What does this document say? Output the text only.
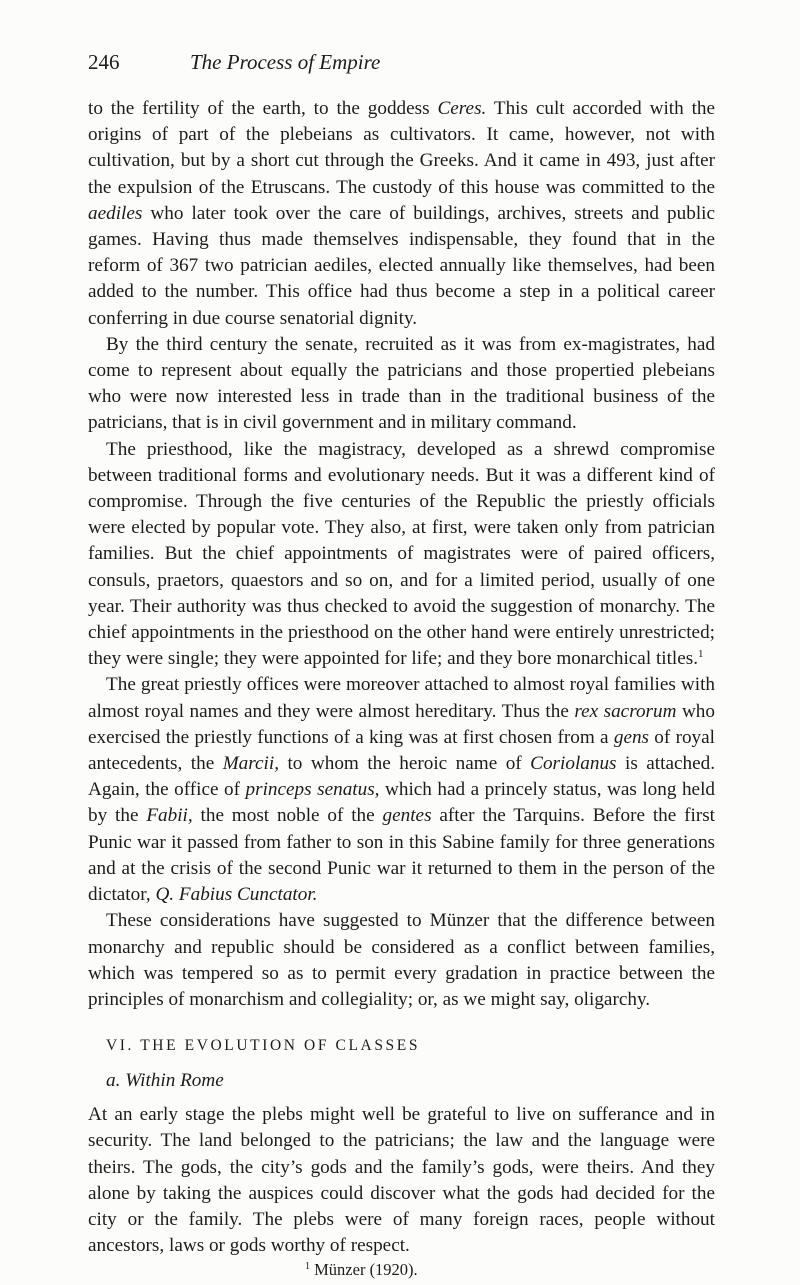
246	The Process of Empire

to the fertility of the earth, to the goddess Ceres. This cult accorded with the origins of part of the plebeians as cultivators. It came, however, not with cultivation, but by a short cut through the Greeks. And it came in 493, just after the expulsion of the Etruscans. The custody of this house was committed to the aediles who later took over the care of buildings, archives, streets and public games. Having thus made themselves indispensable, they found that in the reform of 367 two patrician aediles, elected annually like themselves, had been added to the number. This office had thus become a step in a political career conferring in due course senatorial dignity.

By the third century the senate, recruited as it was from ex-magistrates, had come to represent about equally the patricians and those propertied plebeians who were now interested less in trade than in the traditional business of the patricians, that is in civil government and in military command.

The priesthood, like the magistracy, developed as a shrewd compromise between traditional forms and evolutionary needs. But it was a different kind of compromise. Through the five centuries of the Republic the priestly officials were elected by popular vote. They also, at first, were taken only from patrician families. But the chief appointments of magistrates were of paired officers, consuls, praetors, quaestors and so on, and for a limited period, usually of one year. Their authority was thus checked to avoid the suggestion of monarchy. The chief appointments in the priesthood on the other hand were entirely unrestricted; they were single; they were appointed for life; and they bore monarchical titles.$^1$

The great priestly offices were moreover attached to almost royal families with almost royal names and they were almost hereditary. Thus the rex sacrorum who exercised the priestly functions of a king was at first chosen from a gens of royal antecedents, the Marcii, to whom the heroic name of Coriolanus is attached. Again, the office of princeps senatus, which had a princely status, was long held by the Fabii, the most noble of the gentes after the Tarquins. Before the first Punic war it passed from father to son in this Sabine family for three generations and at the crisis of the second Punic war it returned to them in the person of the dictator, Q. Fabius Cunctator.

These considerations have suggested to Münzer that the difference between monarchy and republic should be considered as a conflict between families, which was tempered so as to permit every gradation in practice between the principles of monarchism and collegiality; or, as we might say, oligarchy.

VI. THE EVOLUTION OF CLASSES
a. Within Rome

At an early stage the plebs might well be grateful to live on sufferance and in security. The land belonged to the patricians; the law and the language were theirs. The gods, the city’s gods and the family’s gods, were theirs. And they alone by taking the auspices could discover what the gods had decided for the city or the family. The plebs were of many foreign races, people without ancestors, laws or gods worthy of respect.

$^1$ Münzer (1920).
